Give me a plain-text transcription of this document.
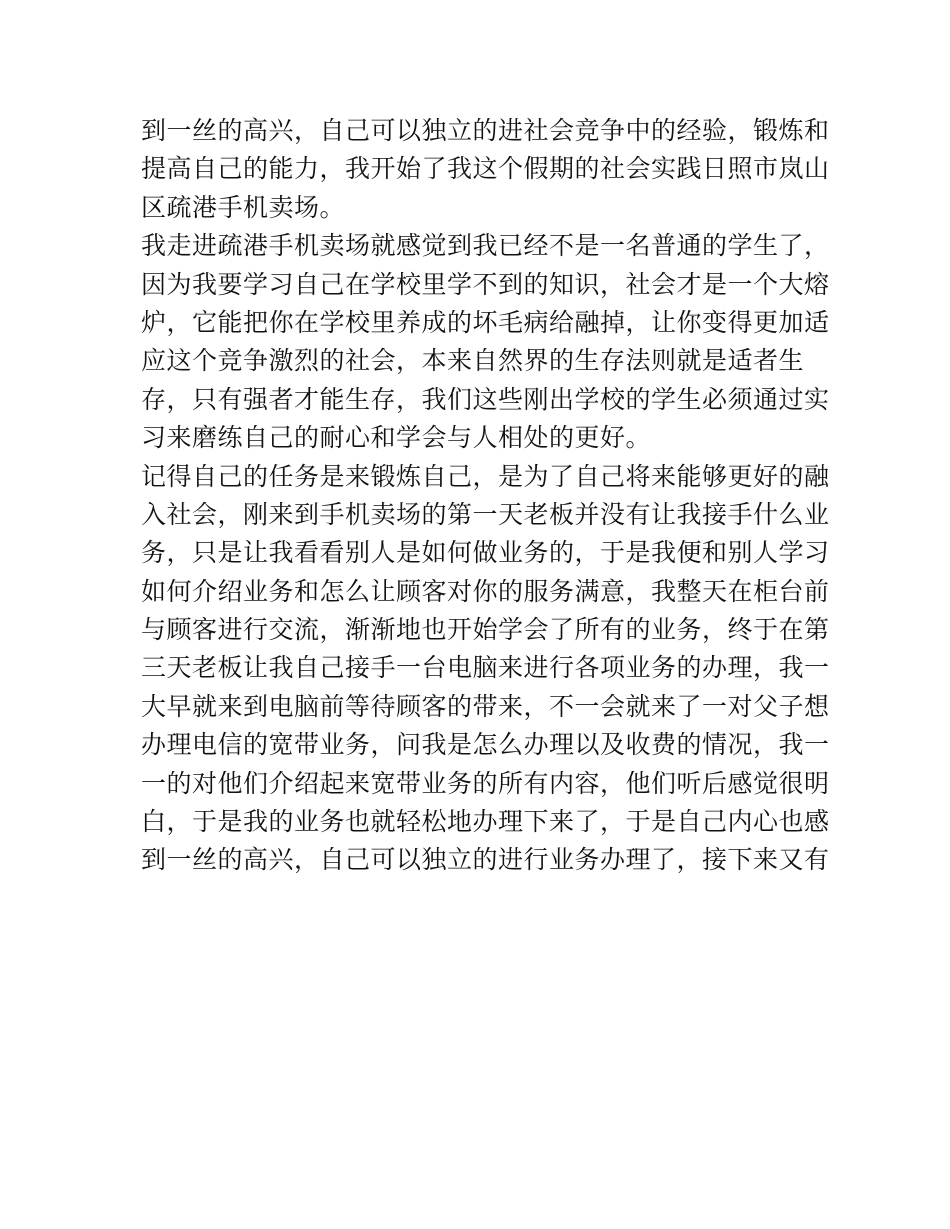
到一丝的高兴，自己可以独立的进社会竞争中的经验，锻炼和
提高自己的能力，我开始了我这个假期的社会实践日照市岚山
区疏港手机卖场。
我走进疏港手机卖场就感觉到我已经不是一名普通的学生了，
因为我要学习自己在学校里学不到的知识，社会才是一个大熔
炉，它能把你在学校里养成的坏毛病给融掉，让你变得更加适
应这个竞争激烈的社会，本来自然界的生存法则就是适者生
存，只有强者才能生存，我们这些刚出学校的学生必须通过实
习来磨练自己的耐心和学会与人相处的更好。
记得自己的任务是来锻炼自己，是为了自己将来能够更好的融
入社会，刚来到手机卖场的第一天老板并没有让我接手什么业
务，只是让我看看别人是如何做业务的，于是我便和别人学习
如何介绍业务和怎么让顾客对你的服务满意，我整天在柜台前
与顾客进行交流，渐渐地也开始学会了所有的业务，终于在第
三天老板让我自己接手一台电脑来进行各项业务的办理，我一
大早就来到电脑前等待顾客的带来，不一会就来了一对父子想
办理电信的宽带业务，问我是怎么办理以及收费的情况，我一
一的对他们介绍起来宽带业务的所有内容，他们听后感觉很明
白，于是我的业务也就轻松地办理下来了，于是自己内心也感
到一丝的高兴，自己可以独立的进行业务办理了，接下来又有
